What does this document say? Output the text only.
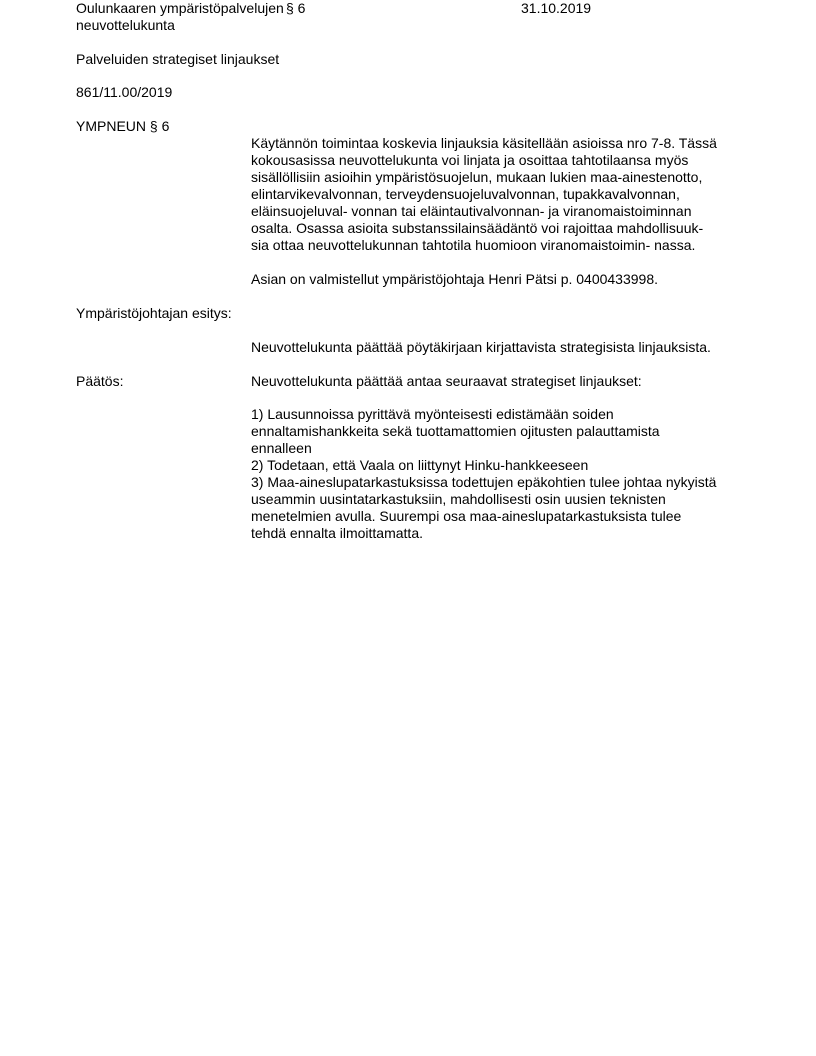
Oulunkaaren ympäristöpalvelujen
neuvottelukunta
§ 6	31.10.2019
Palveluiden strategiset linjaukset
861/11.00/2019
YMPNEUN § 6
Käytännön toimintaa koskevia linjauksia käsitellään asioissa nro 7-8. Tässä
kokousasissa neuvottelukunta voi linjata ja osoittaa tahtotilaansa myös
sisällöllisiin asioihin ympäristösuojelun, mukaan lukien maa-ainestenotto,
elintarvikevalvonnan, terveydensuojeluvalvonnan, tupakkavalvonnan,
eläinsuojeluval- vonnan tai eläintautivalvonnan- ja viranomaistoiminnan
osalta. Osassa asioita substanssilainsäädäntö voi rajoittaa mahdollisuuk-
sia ottaa neuvottelukunnan tahtotila huomioon viranomaistoimin- nassa.
Asian on valmistellut ympäristöjohtaja Henri Pätsi p. 0400433998.
Ympäristöjohtajan esitys:
Neuvottelukunta päättää pöytäkirjaan kirjattavista strategisista linjauksista.
Päätös:	Neuvottelukunta päättää antaa seuraavat strategiset linjaukset:
1) Lausunnoissa pyrittävä myönteisesti edistämään soiden
ennaltamishankkeita sekä tuottamattomien ojitusten palauttamista
ennalleen
2) Todetaan, että Vaala on liittynyt Hinku-hankkeeseen
3) Maa-aineslupatarkastuksissa todettujen epäkohtien tulee johtaa nykyistä
useammin uusintatarkastuksiin, mahdollisesti osin uusien teknisten
menetelmien avulla. Suurempi osa maa-aineslupatarkastuksista tulee
tehdä ennalta ilmoittamatta.
